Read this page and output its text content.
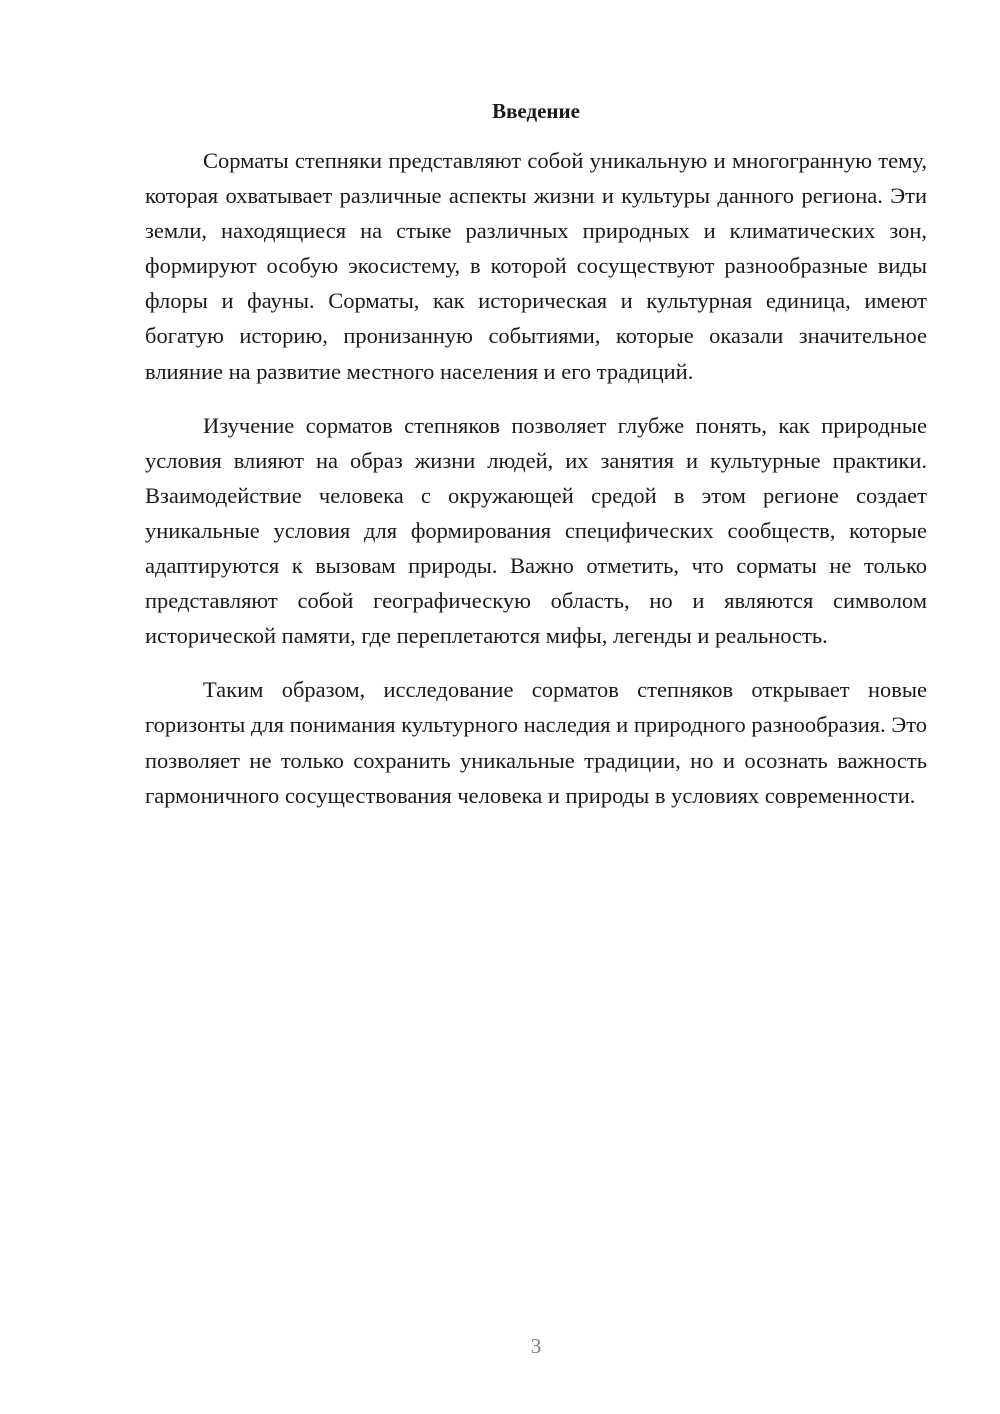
Введение

Сорматы степняки представляют собой уникальную и многогранную тему, которая охватывает различные аспекты жизни и культуры данного региона. Эти земли, находящиеся на стыке различных природных и климатических зон, формируют особую экосистему, в которой сосуществуют разнообразные виды флоры и фауны. Сорматы, как историческая и культурная единица, имеют богатую историю, пронизанную событиями, которые оказали значительное влияние на развитие местного населения и его традиций.

Изучение сорматов степняков позволяет глубже понять, как природные условия влияют на образ жизни людей, их занятия и культурные практики. Взаимодействие человека с окружающей средой в этом регионе создает уникальные условия для формирования специфических сообществ, которые адаптируются к вызовам природы. Важно отметить, что сорматы не только представляют собой географическую область, но и являются символом исторической памяти, где переплетаются мифы, легенды и реальность.

Таким образом, исследование сорматов степняков открывает новые горизонты для понимания культурного наследия и природного разнообразия. Это позволяет не только сохранить уникальные традиции, но и осознать важность гармоничного сосуществования человека и природы в условиях современности.

3
